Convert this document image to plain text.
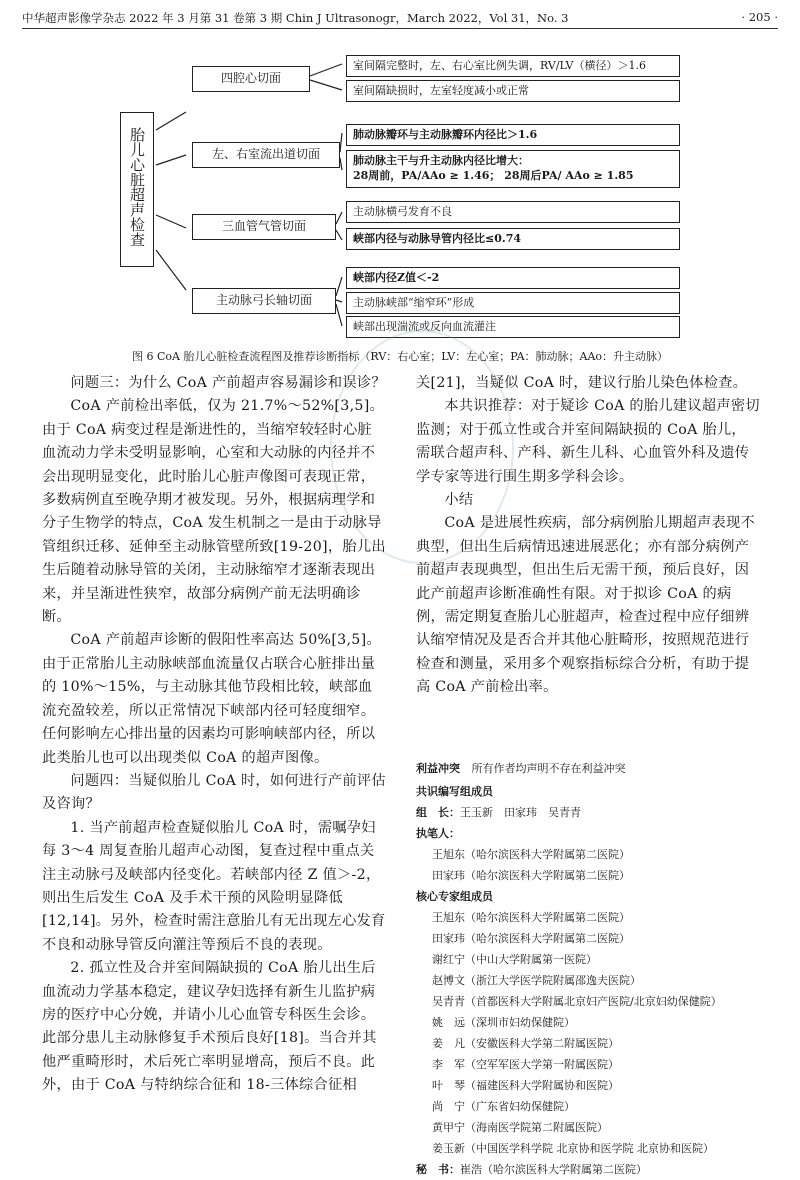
中华超声影像学杂志 2022 年 3 月第 31 卷第 3 期 Chin J Ultrasonogr，March 2022，Vol 31，No. 3	· 205 ·
胎儿心脏超声检查
四腔心切面
室间隔完整时，左、右心室比例失调，RV/LV（横径）＞1.6
室间隔缺损时，左室轻度减小或正常
左、右室流出道切面
肺动脉瓣环与主动脉瓣环内径比＞1.6
肺动脉主干与升主动脉内径比增大：
28周前，PA/AAo ≥ 1.46； 28周后PA/ AAo ≥ 1.85
三血管气管切面
主动脉横弓发育不良
峡部内径与动脉导管内径比≤0.74
主动脉弓长轴切面
峡部内径Z值＜-2
主动脉峡部“缩窄环”形成
峡部出现湍流或反向血流灌注
图 6 CoA 胎儿心脏检查流程图及推荐诊断指标（RV：右心室；LV：左心室；PA：肺动脉；AAo：升主动脉）

问题三：为什么 CoA 产前超声容易漏诊和误诊？

CoA 产前检出率低，仅为 21.7%～52%[3,5]。由于 CoA 病变过程是渐进性的，当缩窄较轻时心脏血流动力学未受明显影响，心室和大动脉的内径并不会出现明显变化，此时胎儿心脏声像图可表现正常，多数病例直至晚孕期才被发现。另外，根据病理学和分子生物学的特点，CoA 发生机制之一是由于动脉导管组织迁移、延伸至主动脉管壁所致[19-20]，胎儿出生后随着动脉导管的关闭，主动脉缩窄才逐渐表现出来，并呈渐进性狭窄，故部分病例产前无法明确诊断。

CoA 产前超声诊断的假阳性率高达 50%[3,5]。由于正常胎儿主动脉峡部血流量仅占联合心脏排出量的 10%～15%，与主动脉其他节段相比较，峡部血流充盈较差，所以正常情况下峡部内径可轻度细窄。任何影响左心排出量的因素均可影响峡部内径，所以此类胎儿也可以出现类似 CoA 的超声图像。

问题四：当疑似胎儿 CoA 时，如何进行产前评估及咨询？

1. 当产前超声检查疑似胎儿 CoA 时，需嘱孕妇每 3～4 周复查胎儿超声心动图，复查过程中重点关注主动脉弓及峡部内径变化。若峡部内径 Z 值＞-2，则出生后发生 CoA 及手术干预的风险明显降低[12,14]。另外，检查时需注意胎儿有无出现左心发育不良和动脉导管反向灌注等预后不良的表现。

2. 孤立性及合并室间隔缺损的 CoA 胎儿出生后血流动力学基本稳定，建议孕妇选择有新生儿监护病房的医疗中心分娩，并请小儿心血管专科医生会诊。此部分患儿主动脉修复手术预后良好[18]。当合并其他严重畸形时，术后死亡率明显增高，预后不良。此外，由于 CoA 与特纳综合征和 18-三体综合征相

关[21]，当疑似 CoA 时，建议行胎儿染色体检查。

本共识推荐：对于疑诊 CoA 的胎儿建议超声密切监测；对于孤立性或合并室间隔缺损的 CoA 胎儿，需联合超声科、产科、新生儿科、心血管外科及遗传学专家等进行围生期多学科会诊。

小结

CoA 是进展性疾病，部分病例胎儿期超声表现不典型，但出生后病情迅速进展恶化；亦有部分病例产前超声表现典型，但出生后无需干预，预后良好，因此产前超声诊断准确性有限。对于拟诊 CoA 的病例，需定期复查胎儿心脏超声，检查过程中应仔细辨认缩窄情况及是否合并其他心脏畸形，按照规范进行检查和测量，采用多个观察指标综合分析，有助于提高 CoA 产前检出率。

利益冲突 所有作者均声明不存在利益冲突
共识编写组成员
组　长：王玉新　田家玮　吴青青
执笔人：
王旭东（哈尔滨医科大学附属第二医院）
田家玮（哈尔滨医科大学附属第二医院）
核心专家组成员
王旭东（哈尔滨医科大学附属第二医院）
田家玮（哈尔滨医科大学附属第二医院）
谢红宁（中山大学附属第一医院）
赵博文（浙江大学医学院附属邵逸夫医院）
吴青青（首都医科大学附属北京妇产医院/北京妇幼保健院）
姚　远（深圳市妇幼保健院）
姜　凡（安徽医科大学第二附属医院）
李　军（空军军医大学第一附属医院）
叶　琴（福建医科大学附属协和医院）
尚　宁（广东省妇幼保健院）
黄甲宁（海南医学院第二附属医院）
姜玉新（中国医学科学院 北京协和医学院 北京协和医院）
秘　书：崔浩（哈尔滨医科大学附属第二医院）
